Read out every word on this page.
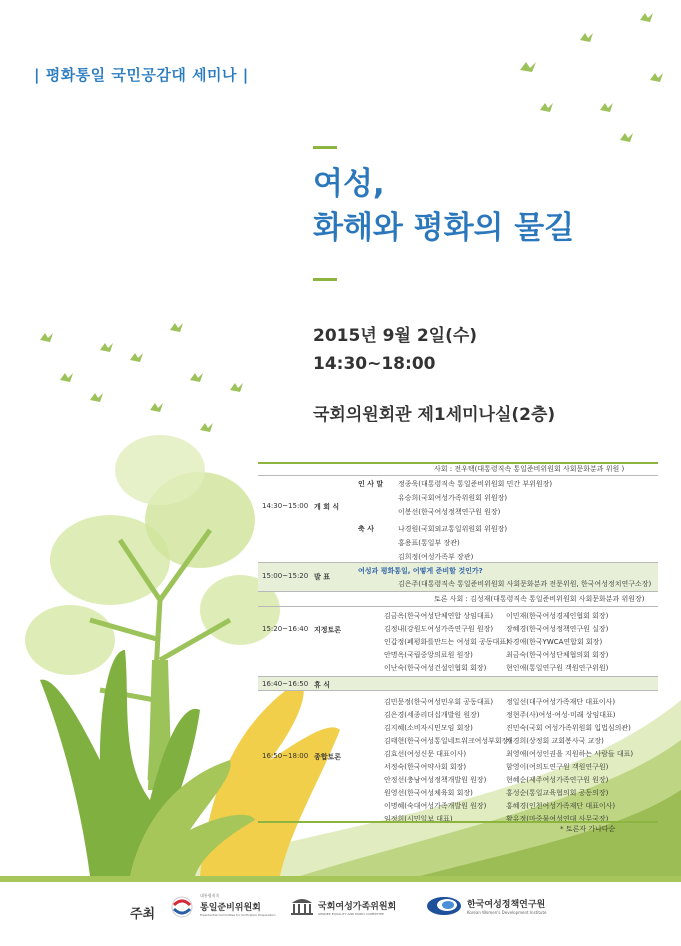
| 평화통일 국민공감대 세미나 |
여성,
화해와 평화의 물길
2015년 9월 2일(수)
14:30~18:00
국회의원회관 제1세미나실(2층)
사회 : 전우택(대통령직속 통일준비위원회 사회문화분과 위원 )
14:30~15:00 개 회 식
인 사 말 정종욱(대통령직속 통일준비위원회 민간 부위원장)
유승희(국회여성가족위원회 위원장)
이봉선(한국여성정책연구원 원장)
축 사	나경원(국회외교통일위원회 위원장)
홍용표(통일부 장관)
김희정(여성가족부 장관)
15:00~15:20 발 표
여성과 평화통일, 어떻게 준비할 것인가?
김은주(대통령직속 통일준비위원회 사회문화분과 전문위원, 한국여성정치연구소장)
토론 사회 : 김성재(대통령직속 통일준비위원회 사회문화분과 위원장)
15:20~16:40 지정토론
김금옥(한국여성단체연합 상임대표)
김정내(강원도여성가족연구원 원장)
인갑정(폐평화를만드는 여성회 공동대표)
안명옥(국립중앙의료원 원장)
이난숙(한국여성건설인협회 회장)
이민재(한국여성경제인협회 회장)
장혜경(한국여성정책연구원 실장)
차경애(한국YWCA연합회 회장)
최금숙(한국여성단체협의회 회장)
현인애(통일연구원 객원연구위원)
16:40~16:50 휴 식
16:50~18:00 종합토론
김민문정(한국여성민우회 공동대표)
김은경(세종리더십개발원 원장)
김지혜(소비자시민모임 회장)
김태현(한국여성통일네트워크여성부회장)
김효선(여성신문 대표이사)
서정숙(한국여약사회 회장)
안정선(충남여성정책개발원 원장)
원영선(한국여성체육회 회장)
이명혜(숙대여성가족개발원 원장)
임정희(시민일보 대표)
정일선(대구여성가족재단 대표이사)
정현주(사)여성·여성·미래 상임대표)
진민숙(국회 여성가족위원회 입법심의관)
채경희(상정회 교회봉사국 교장)
최영애(여성인권을 지원하는 사람들 대표)
함영이(여의도연구원 객원연구원)
현혜순(제주여성가족연구원 원장)
홍성순(통일교육협의회 공동의장)
홍혜경(인천여성가족재단 대표이사)
황유정(마중물여성연대 사무국장)
* 토론자 가나다순
주최
대통령직속
통일준비위원회
Presidential Committee for Unification Preparation
국회여성가족위원회
GENDER EQUALITY AND FAMILY COMMITTEE
한국여성정책연구원
Korean Women's Development Institute
